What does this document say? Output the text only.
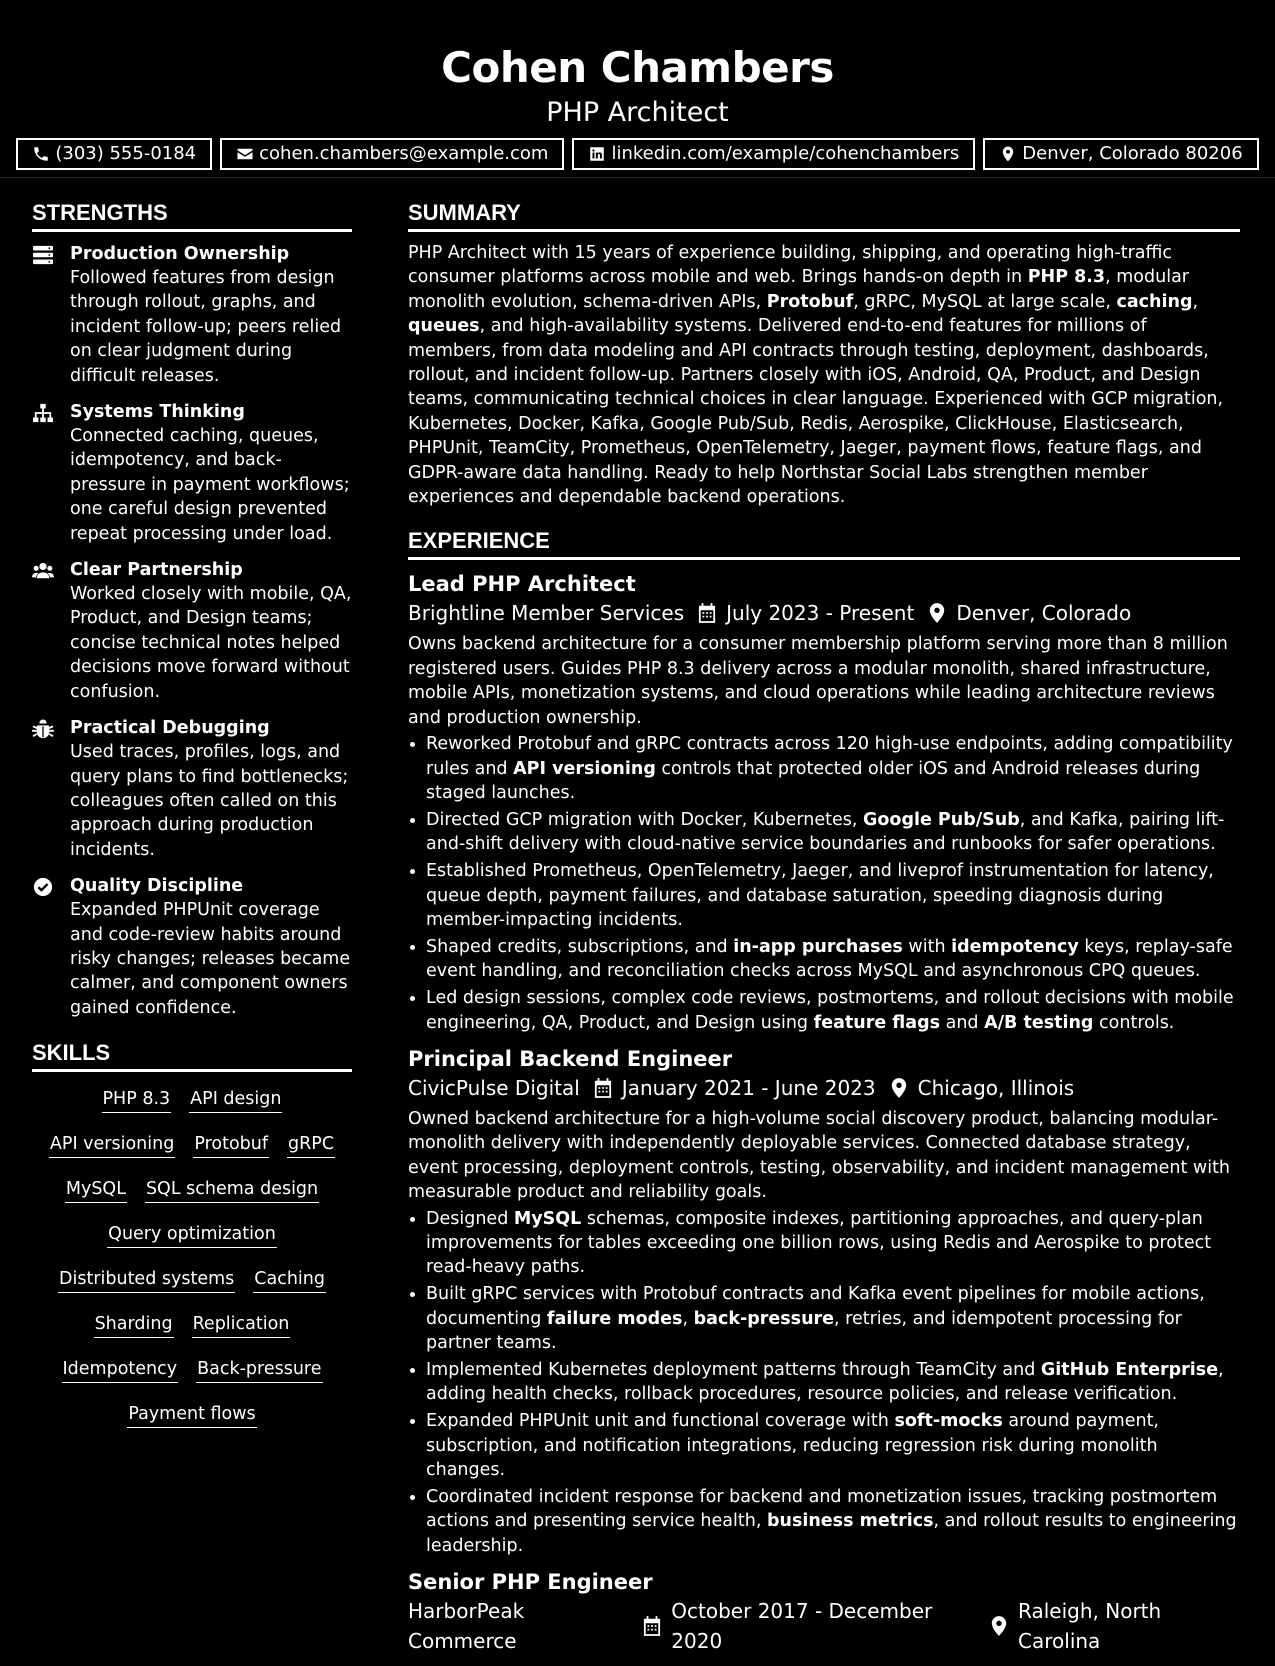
Cohen Chambers
PHP Architect
(303) 555-0184	cohen.chambers@example.com	linkedin.com/example/cohenchambers	Denver, Colorado 80206
STRENGTHS
Production Ownership
Followed features from design through rollout, graphs, and incident follow-up; peers relied on clear judgment during difficult releases.
Systems Thinking
Connected caching, queues, idempotency, and back-pressure in payment workflows; one careful design prevented repeat processing under load.
Clear Partnership
Worked closely with mobile, QA, Product, and Design teams; concise technical notes helped decisions move forward without confusion.
Practical Debugging
Used traces, profiles, logs, and query plans to find bottlenecks; colleagues often called on this approach during production incidents.
Quality Discipline
Expanded PHPUnit coverage and code-review habits around risky changes; releases became calmer, and component owners gained confidence.
SKILLS
PHP 8.3 API design
API versioning Protobuf gRPC
MySQL SQL schema design
Query optimization
Distributed systems Caching
Sharding Replication
Idempotency Back-pressure
Payment flows
SUMMARY
PHP Architect with 15 years of experience building, shipping, and operating high-traffic consumer platforms across mobile and web. Brings hands-on depth in PHP 8.3, modular monolith evolution, schema-driven APIs, Protobuf, gRPC, MySQL at large scale, caching, queues, and high-availability systems. Delivered end-to-end features for millions of members, from data modeling and API contracts through testing, deployment, dashboards, rollout, and incident follow-up. Partners closely with iOS, Android, QA, Product, and Design teams, communicating technical choices in clear language. Experienced with GCP migration, Kubernetes, Docker, Kafka, Google Pub/Sub, Redis, Aerospike, ClickHouse, Elasticsearch, PHPUnit, TeamCity, Prometheus, OpenTelemetry, Jaeger, payment flows, feature flags, and GDPR-aware data handling. Ready to help Northstar Social Labs strengthen member experiences and dependable backend operations.
EXPERIENCE
Lead PHP Architect
Brightline Member Services July 2023 - Present Denver, Colorado
Owns backend architecture for a consumer membership platform serving more than 8 million registered users. Guides PHP 8.3 delivery across a modular monolith, shared infrastructure, mobile APIs, monetization systems, and cloud operations while leading architecture reviews and production ownership.
• Reworked Protobuf and gRPC contracts across 120 high-use endpoints, adding compatibility rules and API versioning controls that protected older iOS and Android releases during staged launches.
• Directed GCP migration with Docker, Kubernetes, Google Pub/Sub, and Kafka, pairing lift-and-shift delivery with cloud-native service boundaries and runbooks for safer operations.
• Established Prometheus, OpenTelemetry, Jaeger, and liveprof instrumentation for latency, queue depth, payment failures, and database saturation, speeding diagnosis during member-impacting incidents.
• Shaped credits, subscriptions, and in-app purchases with idempotency keys, replay-safe event handling, and reconciliation checks across MySQL and asynchronous CPQ queues.
• Led design sessions, complex code reviews, postmortems, and rollout decisions with mobile engineering, QA, Product, and Design using feature flags and A/B testing controls.
Principal Backend Engineer
CivicPulse Digital January 2021 - June 2023 Chicago, Illinois
Owned backend architecture for a high-volume social discovery product, balancing modular-monolith delivery with independently deployable services. Connected database strategy, event processing, deployment controls, testing, observability, and incident management with measurable product and reliability goals.
• Designed MySQL schemas, composite indexes, partitioning approaches, and query-plan improvements for tables exceeding one billion rows, using Redis and Aerospike to protect read-heavy paths.
• Built gRPC services with Protobuf contracts and Kafka event pipelines for mobile actions, documenting failure modes, back-pressure, retries, and idempotent processing for partner teams.
• Implemented Kubernetes deployment patterns through TeamCity and GitHub Enterprise, adding health checks, rollback procedures, resource policies, and release verification.
• Expanded PHPUnit unit and functional coverage with soft-mocks around payment, subscription, and notification integrations, reducing regression risk during monolith changes.
• Coordinated incident response for backend and monetization issues, tracking postmortem actions and presenting service health, business metrics, and rollout results to engineering leadership.
Senior PHP Engineer
HarborPeak Commerce
October 2017 - December 2020
Raleigh, North Carolina
